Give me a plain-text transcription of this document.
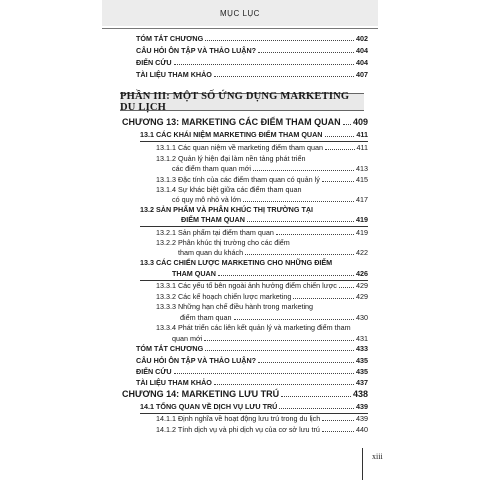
MỤC LỤC
TÓM TẮT CHƯƠNG	402
CÂU HỎI ÔN TẬP VÀ THẢO LUẬN?	404
ĐIỂN CỨU	404
TÀI LIỆU THAM KHẢO	407
PHẦN III: MỘT SỐ ỨNG DỤNG MARKETING DU LỊCH
CHƯƠNG 13: MARKETING CÁC ĐIỂM THAM QUAN 409
13.1 CÁC KHÁI NIỆM MARKETING ĐIỂM THAM QUAN	411
13.1.1 Các quan niệm về marketing điểm tham quan	411
13.1.2 Quản lý hiện đại làm nền tảng phát triển
các điểm tham quan mới	413
13.1.3 Đặc tính của các điểm tham quan có quản lý	415
13.1.4 Sự khác biệt giữa các điểm tham quan
có quy mô nhỏ và lớn	417
13.2 SẢN PHẨM VÀ PHÂN KHÚC THỊ TRƯỜNG TẠI
ĐIỂM THAM QUAN	419
13.2.1 Sản phẩm tại điểm tham quan	419
13.2.2 Phân khúc thị trường cho các điểm
tham quan du khách	422
13.3 CÁC CHIẾN LƯỢC MARKETING CHO NHỮNG ĐIỂM
THAM QUAN	426
13.3.1 Các yếu tố bên ngoài ảnh hưởng điểm chiến lược	429
13.3.2 Các kế hoạch chiến lược marketing	429
13.3.3 Những hạn chế điều hành trong marketing
điểm tham quan	430
13.3.4 Phát triển các liên kết quản lý và marketing điểm tham
quan mới	431
TÓM TẮT CHƯƠNG	433
CÂU HỎI ÔN TẬP VÀ THẢO LUẬN?	435
ĐIỂN CỨU	435
TÀI LIỆU THAM KHẢO	437
CHƯƠNG 14: MARKETING LƯU TRÚ	438
14.1 TỔNG QUAN VỀ DỊCH VỤ LƯU TRÚ	439
14.1.1 Định nghĩa về hoạt động lưu trú trong du lịch	439
14.1.2 Tính dịch vụ và phi dịch vụ của cơ sở lưu trú	440
xiii
